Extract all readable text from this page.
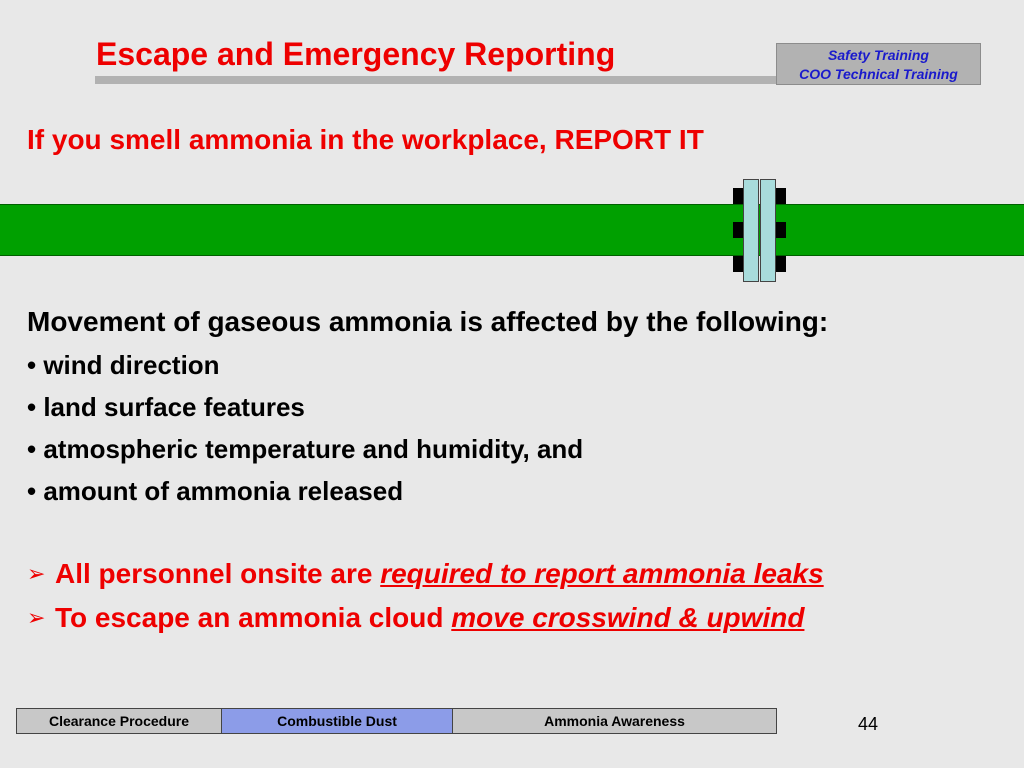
Escape and Emergency Reporting	Safety Training
COO Technical Training
If you smell ammonia in the workplace, REPORT IT
Movement of gaseous ammonia is affected by the following:
• wind direction
• land surface features
• atmospheric temperature and humidity, and
• amount of ammonia released
➢ All personnel onsite are required to report ammonia leaks
➢ To escape an ammonia cloud move crosswind & upwind
Clearance Procedure	Combustible Dust	Ammonia Awareness	44
